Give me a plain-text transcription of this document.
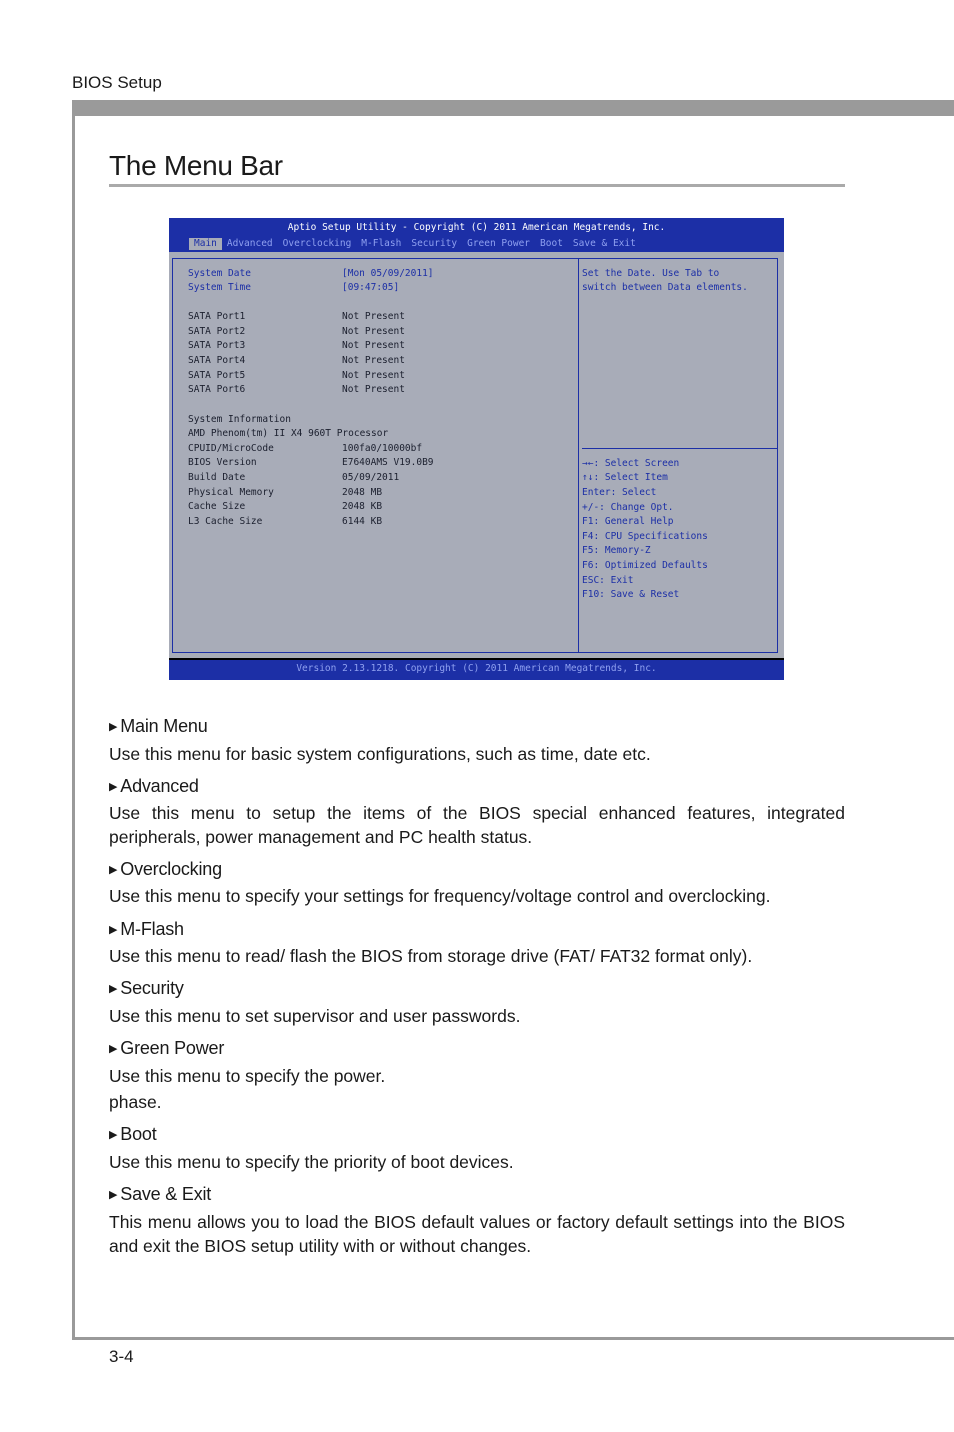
BIOS Setup
The Menu Bar
Aptio Setup Utility - Copyright (C) 2011 American Megatrends, Inc.
Main	Advanced	Overclocking	M-Flash	Security	Green Power	Boot	Save & Exit
System Date	[Mon 05/09/2011]
System Time	[09:47:05]
SATA Port1	Not Present
SATA Port2	Not Present
SATA Port3	Not Present
SATA Port4	Not Present
SATA Port5	Not Present
SATA Port6	Not Present
System Information
AMD Phenom(tm) II X4 960T Processor
CPUID/MicroCode	100fa0/10000bf
BIOS Version	E7640AMS V19.0B9
Build Date	05/09/2011
Physical Memory	2048 MB
Cache Size	2048 KB
L3 Cache Size	6144 KB
Set the Date. Use Tab to
switch between Data elements.
→←: Select Screen
↑↓: Select Item
Enter: Select
+/-: Change Opt.
F1: General Help
F4: CPU Specifications
F5: Memory-Z
F6: Optimized Defaults
ESC: Exit
F10: Save & Reset
Version 2.13.1218. Copyright (C) 2011 American Megatrends, Inc.
▶ Main Menu
Use this menu for basic system configurations, such as time, date etc.
▶ Advanced
Use this menu to setup the items of the BIOS special enhanced features, integrated peripherals, power management and PC health status.
▶ Overclocking
Use this menu to specify your settings for frequency/voltage control and overclocking.
▶ M-Flash
Use this menu to read/ flash the BIOS from storage drive (FAT/ FAT32 format only).
▶ Security
Use this menu to set supervisor and user passwords.
▶ Green Power
Use this menu to specify the power.
phase.
▶ Boot
Use this menu to specify the priority of boot devices.
▶ Save & Exit
This menu allows you to load the BIOS default values or factory default settings into the BIOS and exit the BIOS setup utility with or without changes.
3-4
